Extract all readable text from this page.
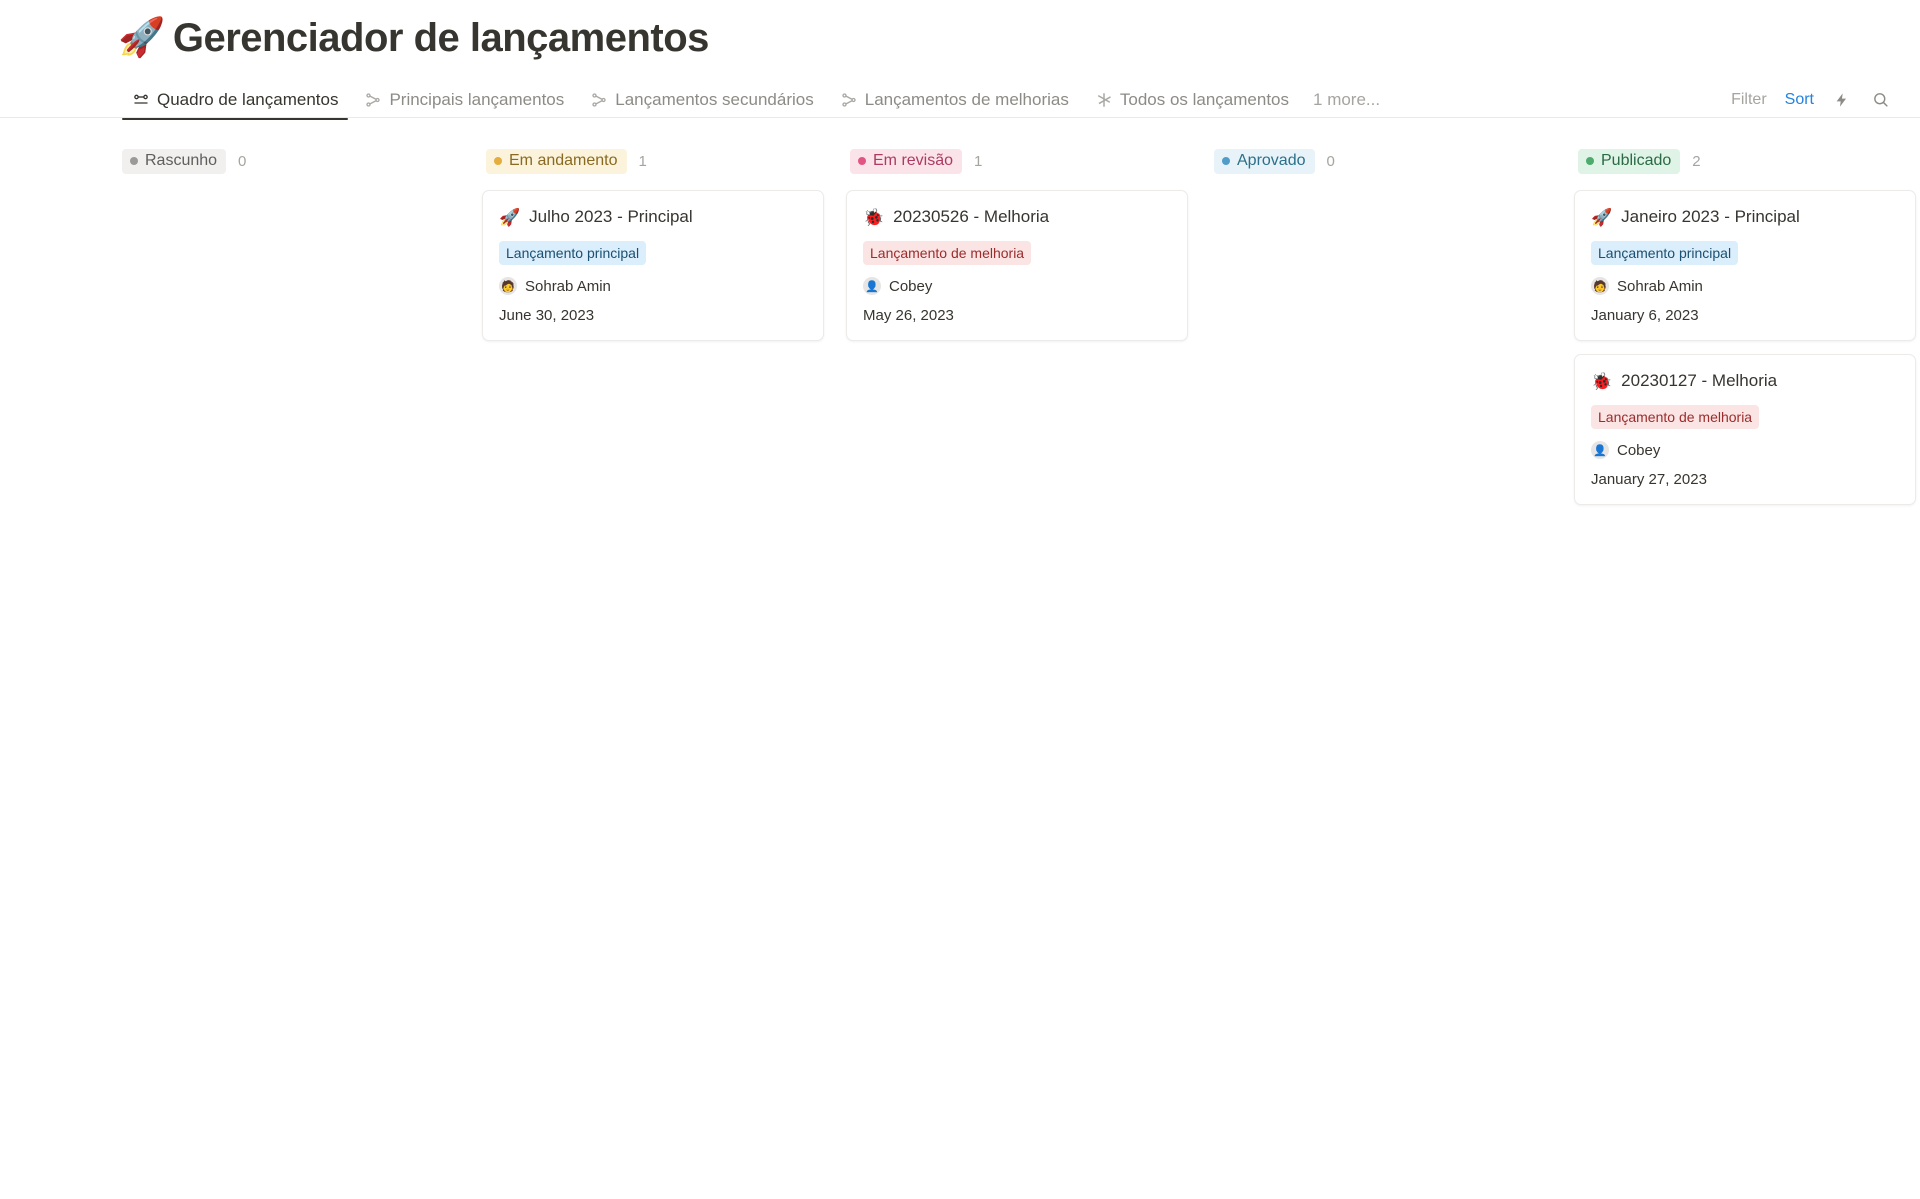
🚀 Gerenciador de lançamentos
Quadro de lançamentos	Principais lançamentos	Lançamentos secundários	Lançamentos de melhorias	Todos os lançamentos	1 more...	Filter Sort
Rascunho 0	Em andamento 1
🚀 Julho 2023 - Principal
Lançamento principal
🧑 Sohrab Amin
June 30, 2023
Em revisão 1
🐞 20230526 - Melhoria
Lançamento de melhoria
👤 Cobey
May 26, 2023
Aprovado 0	Publicado 2
🚀 Janeiro 2023 - Principal
Lançamento principal
🧑 Sohrab Amin
January 6, 2023
🐞 20230127 - Melhoria
Lançamento de melhoria
👤 Cobey
January 27, 2023
